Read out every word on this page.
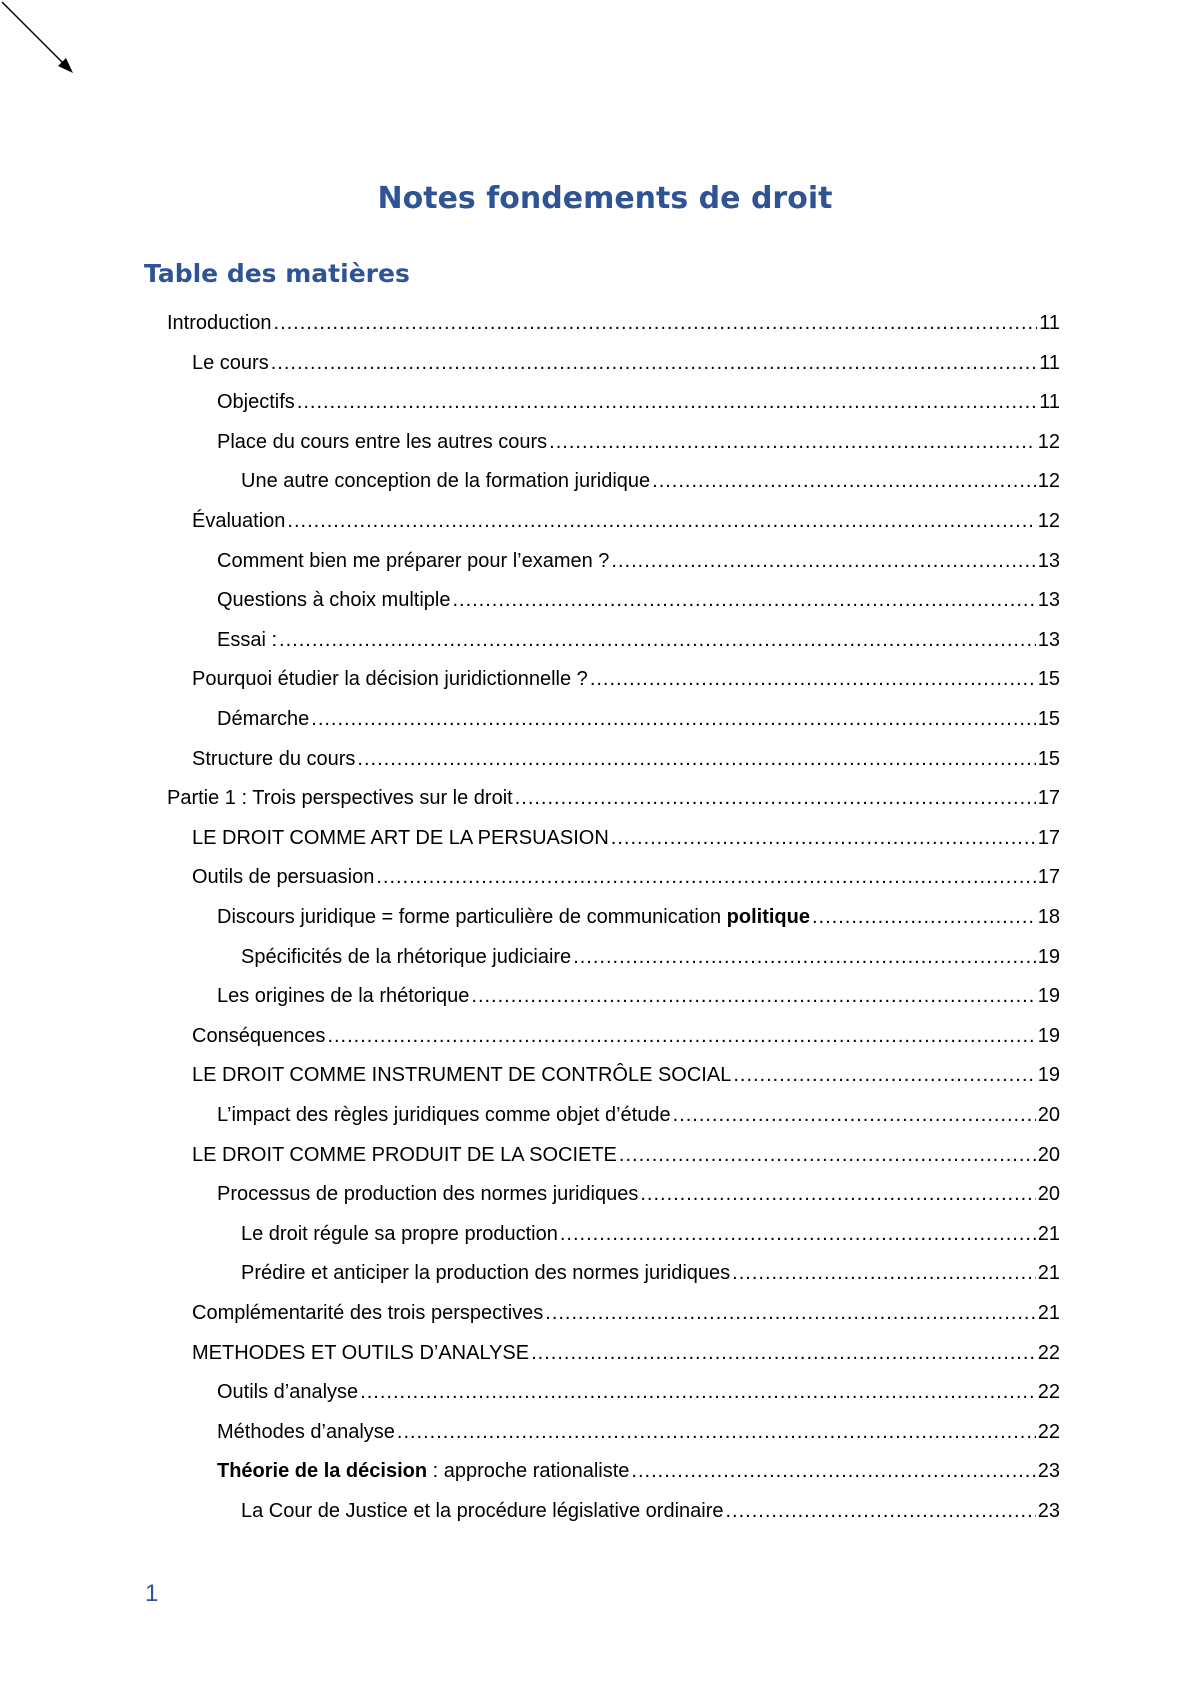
Notes fondements de droit
Table des matières
Introduction .....	11
Le cours .....	11
Objectifs .....	11
Place du cours entre les autres cours .....	12
Une autre conception de la formation juridique .....	12
Évaluation .....	12
Comment bien me préparer pour l’examen ? .....	13
Questions à choix multiple .....	13
Essai : .....	13
Pourquoi étudier la décision juridictionnelle ? .....	15
Démarche .....	15
Structure du cours .....	15
Partie 1 : Trois perspectives sur le droit .....	17
LE DROIT COMME ART DE LA PERSUASION .....	17
Outils de persuasion .....	17
Discours juridique = forme particulière de communication politique .....	18
Spécificités de la rhétorique judiciaire .....	19
Les origines de la rhétorique .....	19
Conséquences .....	19
LE DROIT COMME INSTRUMENT DE CONTRÔLE SOCIAL .....	19
L’impact des règles juridiques comme objet d’étude .....	20
LE DROIT COMME PRODUIT DE LA SOCIETE .....	20
Processus de production des normes juridiques .....	20
Le droit régule sa propre production .....	21
Prédire et anticiper la production des normes juridiques .....	21
Complémentarité des trois perspectives .....	21
METHODES ET OUTILS D’ANALYSE .....	22
Outils d’analyse .....	22
Méthodes d’analyse .....	22
Théorie de la décision : approche rationaliste .....	23
La Cour de Justice et la procédure législative ordinaire .....	23
1
